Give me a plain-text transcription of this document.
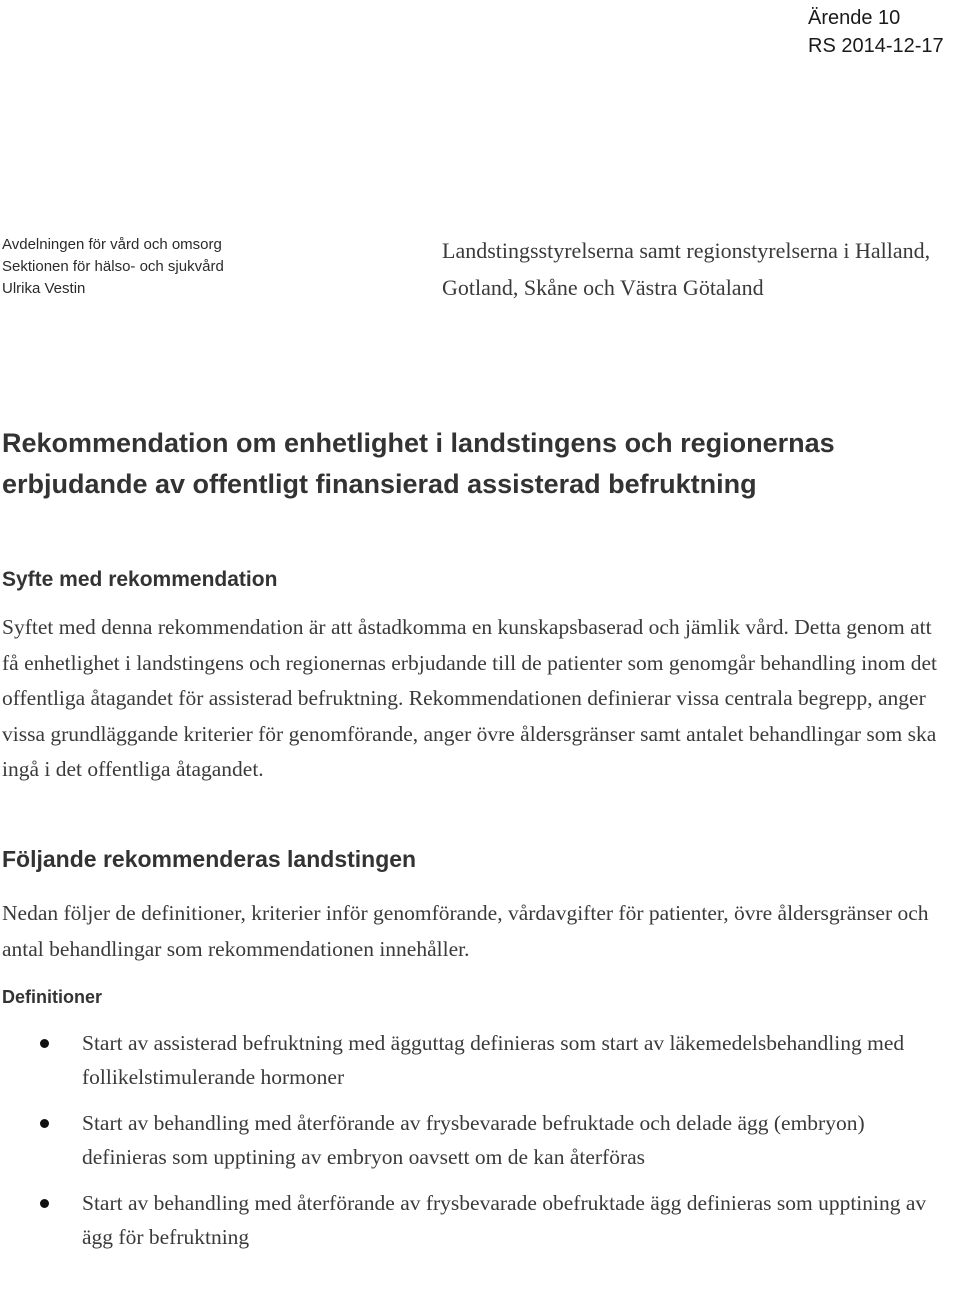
Ärende 10
RS 2014-12-17
Avdelningen för vård och omsorg
Sektionen för hälso- och sjukvård
Ulrika Vestin
Landstingsstyrelserna samt regionstyrelserna i Halland, Gotland, Skåne och Västra Götaland
Rekommendation om enhetlighet i landstingens och regionernas erbjudande av offentligt finansierad assisterad befruktning
Syfte med rekommendation

Syftet med denna rekommendation är att åstadkomma en kunskapsbaserad och jämlik vård. Detta genom att få enhetlighet i landstingens och regionernas erbjudande till de patienter som genomgår behandling inom det offentliga åtagandet för assisterad befruktning. Rekommendationen definierar vissa centrala begrepp, anger vissa grundläggande kriterier för genomförande, anger övre åldersgränser samt antalet behandlingar som ska ingå i det offentliga åtagandet.

Följande rekommenderas landstingen

Nedan följer de definitioner, kriterier inför genomförande, vårdavgifter för patienter, övre åldersgränser och antal behandlingar som rekommendationen innehåller.

Definitioner
Start av assisterad befruktning med ägguttag definieras som start av läkemedelsbehandling med follikelstimulerande hormoner
Start av behandling med återförande av frysbevarade befruktade och delade ägg (embryon) definieras som upptining av embryon oavsett om de kan återföras
Start av behandling med återförande av frysbevarade obefruktade ägg definieras som upptining av ägg för befruktning
